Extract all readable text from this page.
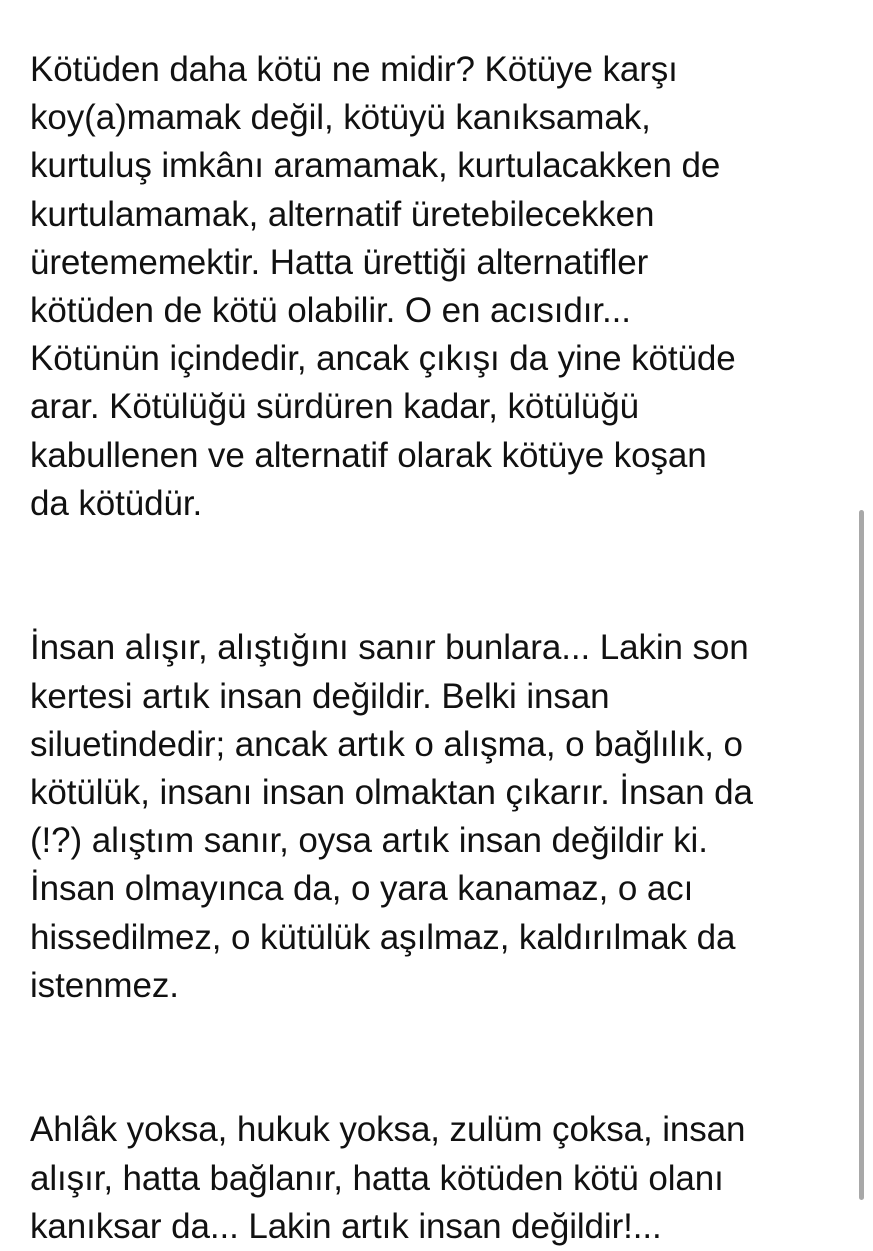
Kötüden daha kötü ne midir? Kötüye karşı
koy(a)mamak değil, kötüyü kanıksamak,
kurtuluş imkânı aramamak, kurtulacakken de
kurtulamamak, alternatif üretebilecekken
üretememektir. Hatta ürettiği alternatifler
kötüden de kötü olabilir. O en acısıdır...
Kötünün içindedir, ancak çıkışı da yine kötüde
arar. Kötülüğü sürdüren kadar, kötülüğü
kabullenen ve alternatif olarak kötüye koşan
da kötüdür.

İnsan alışır, alıştığını sanır bunlara... Lakin son
kertesi artık insan değildir. Belki insan
siluetindedir; ancak artık o alışma, o bağlılık, o
kötülük, insanı insan olmaktan çıkarır. İnsan da
(!?) alıştım sanır, oysa artık insan değildir ki.
İnsan olmayınca da, o yara kanamaz, o acı
hissedilmez, o kütülük aşılmaz, kaldırılmak da
istenmez.

Ahlâk yoksa, hukuk yoksa, zulüm çoksa, insan
alışır, hatta bağlanır, hatta kötüden kötü olanı
kanıksar da... Lakin artık insan değildir!...
